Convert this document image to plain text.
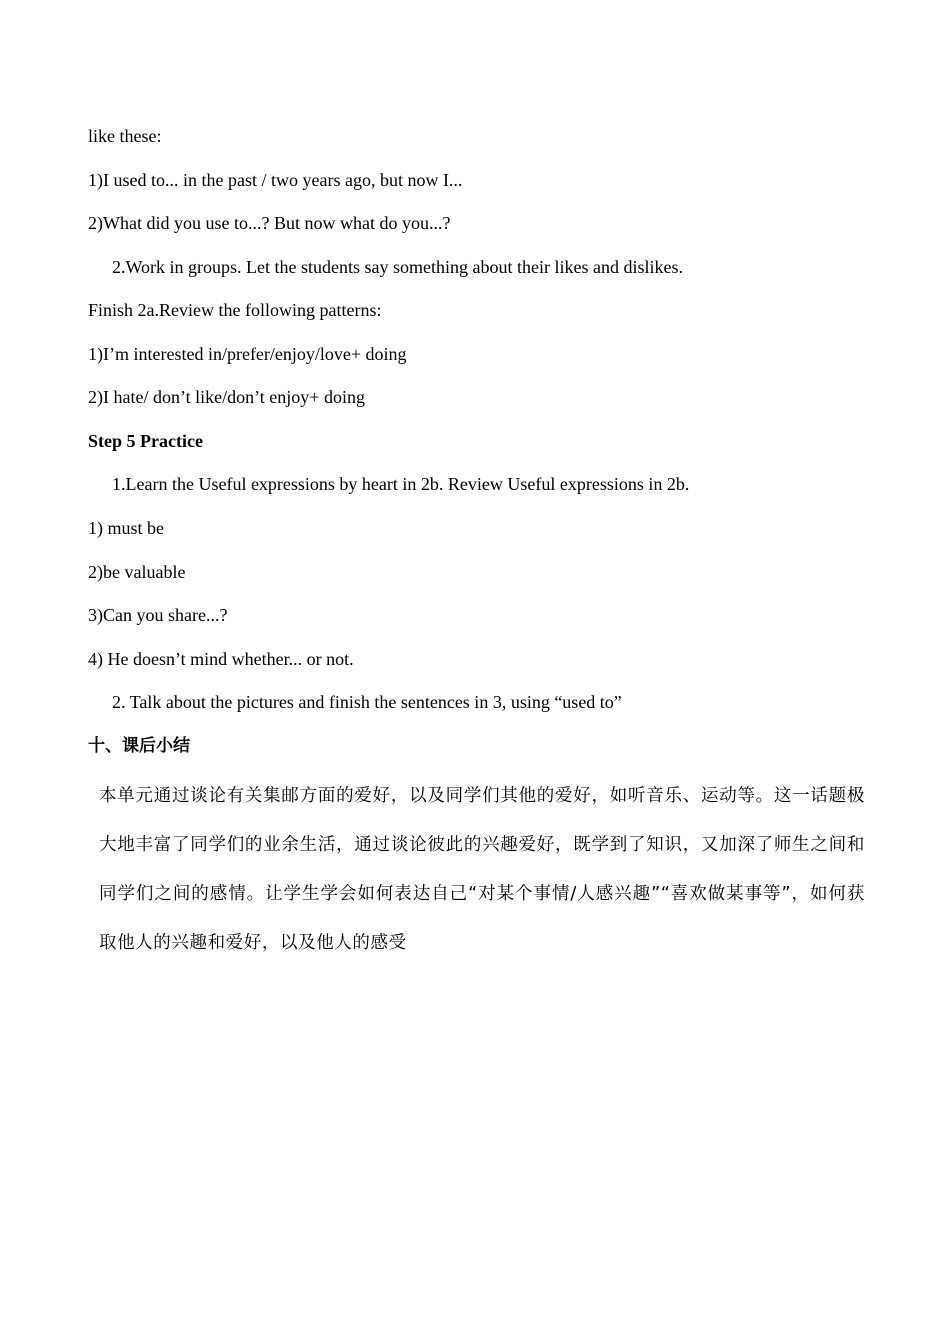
like these:
1)I used to... in the past / two years ago, but now I...
2)What did you use to...? But now what do you...?
2.Work in groups. Let the students say something about their likes and dislikes.
Finish 2a.Review the following patterns:
1)I’m interested in/prefer/enjoy/love+ doing
2)I hate/ don’t like/don’t enjoy+ doing
Step 5 Practice
1.Learn the Useful expressions by heart in 2b. Review Useful expressions in 2b.
1) must be
2)be valuable
3)Can you share...?
4) He doesn’t mind whether... or not.
2. Talk about the pictures and finish the sentences in 3, using “used to”
十、课后小结
本单元通过谈论有关集邮方面的爱好，以及同学们其他的爱好，如听音乐、运动等。这一话题极大地丰富了同学们的业余生活，通过谈论彼此的兴趣爱好，既学到了知识，又加深了师生之间和同学们之间的感情。让学生学会如何表达自己“对某个事情/人感兴趣”“喜欢做某事等”，如何获取他人的兴趣和爱好，以及他人的感受
